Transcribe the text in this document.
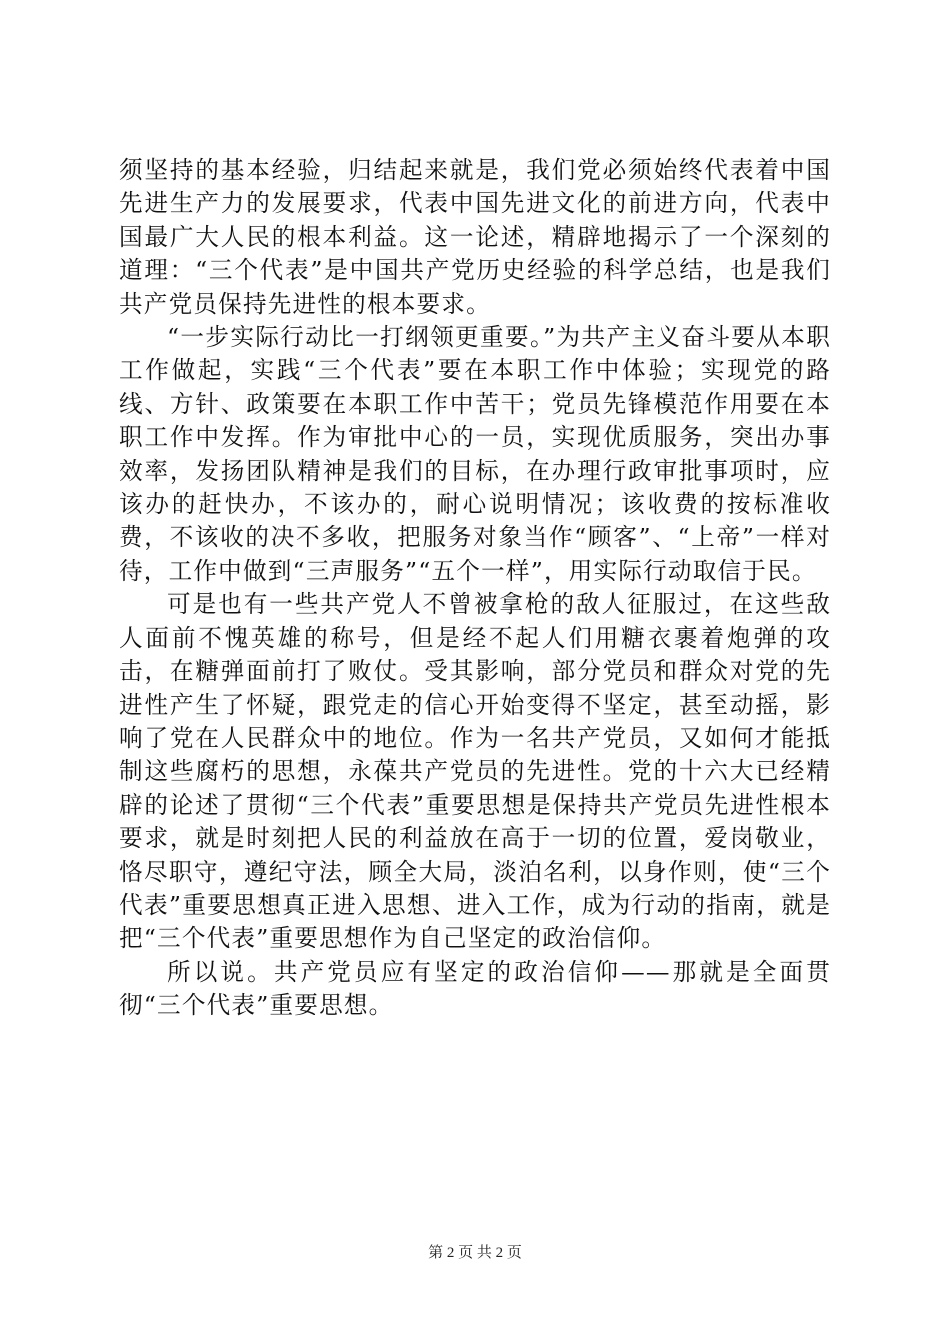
须坚持的基本经验，归结起来就是，我们党必须始终代表着中国先进生产力的发展要求，代表中国先进文化的前进方向，代表中国最广大人民的根本利益。这一论述，精辟地揭示了一个深刻的道理：“三个代表”是中国共产党历史经验的科学总结，也是我们共产党员保持先进性的根本要求。

“一步实际行动比一打纲领更重要。”为共产主义奋斗要从本职工作做起，实践“三个代表”要在本职工作中体验；实现党的路线、方针、政策要在本职工作中苦干；党员先锋模范作用要在本职工作中发挥。作为审批中心的一员，实现优质服务，突出办事效率，发扬团队精神是我们的目标，在办理行政审批事项时，应该办的赶快办，不该办的，耐心说明情况；该收费的按标准收费，不该收的决不多收，把服务对象当作“顾客”、“上帝”一样对待，工作中做到“三声服务”“五个一样”，用实际行动取信于民。

可是也有一些共产党人不曾被拿枪的敌人征服过，在这些敌人面前不愧英雄的称号，但是经不起人们用糖衣裹着炮弹的攻击，在糖弹面前打了败仗。受其影响，部分党员和群众对党的先进性产生了怀疑，跟党走的信心开始变得不坚定，甚至动摇，影响了党在人民群众中的地位。作为一名共产党员，又如何才能抵制这些腐朽的思想，永葆共产党员的先进性。党的十六大已经精辟的论述了贯彻“三个代表”重要思想是保持共产党员先进性根本要求，就是时刻把人民的利益放在高于一切的位置，爱岗敬业，恪尽职守，遵纪守法，顾全大局，淡泊名利，以身作则，使“三个代表”重要思想真正进入思想、进入工作，成为行动的指南，就是把“三个代表”重要思想作为自己坚定的政治信仰。

所以说。共产党员应有坚定的政治信仰——那就是全面贯彻“三个代表”重要思想。

第 2 页 共 2 页
